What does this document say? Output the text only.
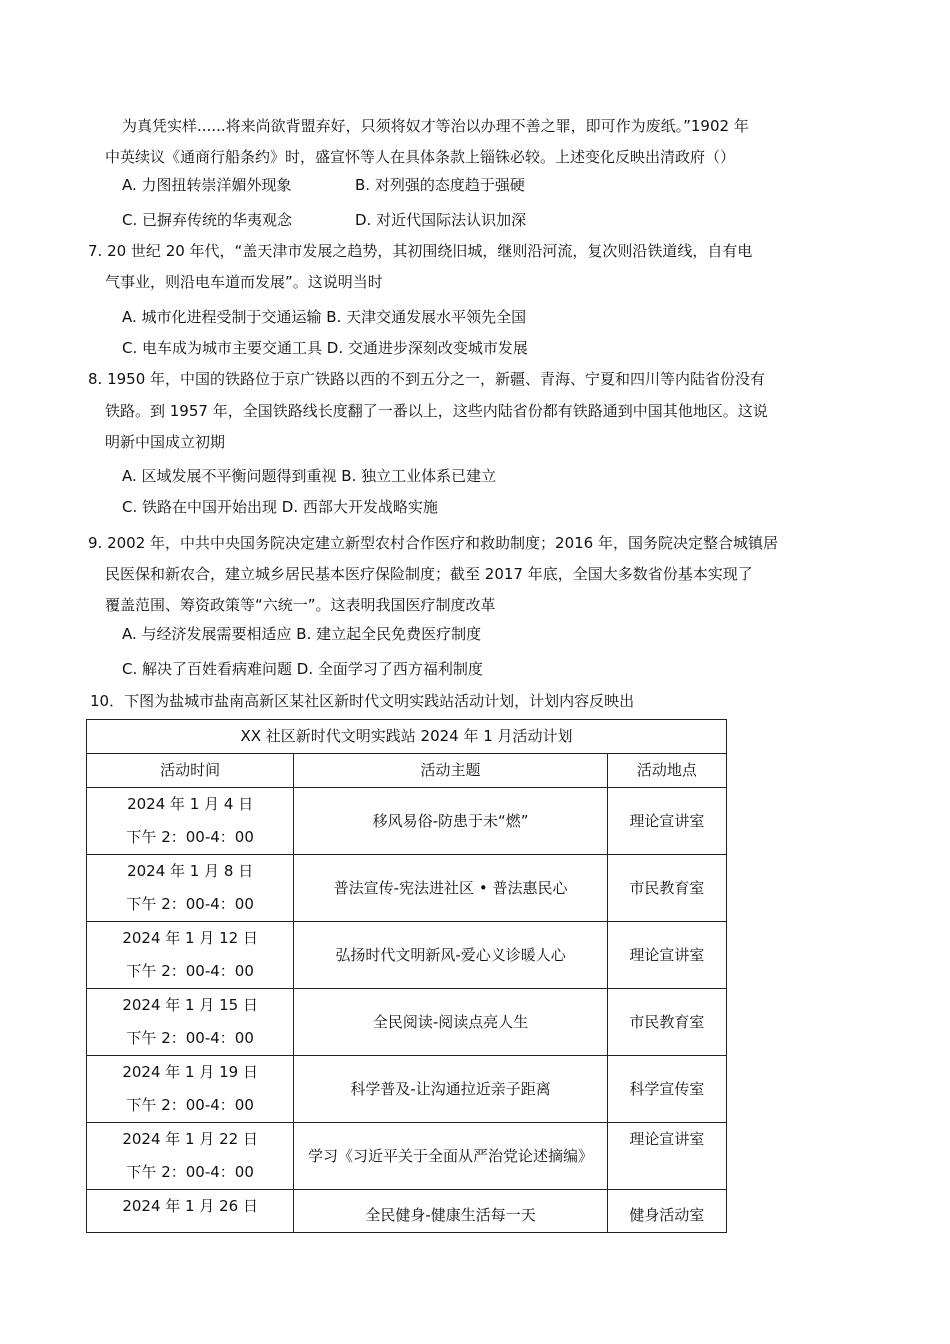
为真凭实样......将来尚欲背盟弃好，只须将奴才等治以办理不善之罪，即可作为废纸。”1902 年
中英续议《通商行船条约》时，盛宣怀等人在具体条款上锱铢必较。上述变化反映出清政府（）
A. 力图扭转崇洋媚外现象	B. 对列强的态度趋于强硬
C. 已摒弃传统的华夷观念	D. 对近代国际法认识加深
7. 20 世纪 20 年代，“盖天津市发展之趋势，其初围绕旧城，继则沿河流，复次则沿铁道线，自有电
气事业，则沿电车道而发展”。这说明当时
A. 城市化进程受制于交通运输 B. 天津交通发展水平领先全国
C. 电车成为城市主要交通工具 D. 交通进步深刻改变城市发展
8. 1950 年，中国的铁路位于京广铁路以西的不到五分之一，新疆、青海、宁夏和四川等内陆省份没有
铁路。到 1957 年，全国铁路线长度翻了一番以上，这些内陆省份都有铁路通到中国其他地区。这说
明新中国成立初期
A. 区域发展不平衡问题得到重视 B. 独立工业体系已建立
C. 铁路在中国开始出现 D. 西部大开发战略实施
9. 2002 年，中共中央国务院决定建立新型农村合作医疗和救助制度；2016 年，国务院决定整合城镇居
民医保和新农合，建立城乡居民基本医疗保险制度；截至 2017 年底，全国大多数省份基本实现了
覆盖范围、筹资政策等“六统一”。这表明我国医疗制度改革
A. 与经济发展需要相适应 B. 建立起全民免费医疗制度
C. 解决了百姓看病难问题 D. 全面学习了西方福利制度
10．下图为盐城市盐南高新区某社区新时代文明实践站活动计划，计划内容反映出
XX 社区新时代文明实践站 2024 年 1 月活动计划		
活动时间	活动主题	活动地点

2024 年 1 月 4 日
下午 2：00-4：00	移风易俗-防患于未“燃”	理论宣讲室

2024 年 1 月 8 日
下午 2：00-4：00	普法宣传-宪法进社区 • 普法惠民心	市民教育室

2024 年 1 月 12 日
下午 2：00-4：00	弘扬时代文明新风-爱心义诊暖人心	理论宣讲室

2024 年 1 月 15 日
下午 2：00-4：00	全民阅读-阅读点亮人生	市民教育室

2024 年 1 月 19 日
下午 2：00-4：00	科学普及-让沟通拉近亲子距离	科学宣传室

2024 年 1 月 22 日
下午 2：00-4：00	学习《习近平关于全面从严治党论述摘编》	理论宣讲室

2024 年 1 月 26 日	全民健身-健康生活每一天	健身活动室
